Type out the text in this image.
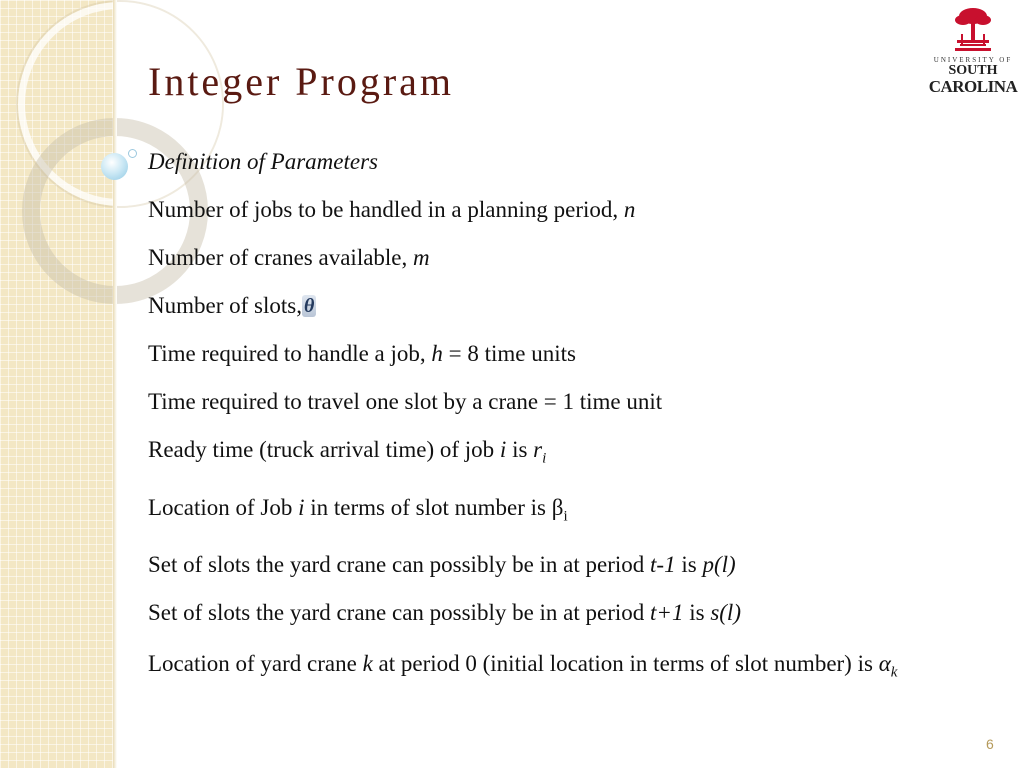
Integer Program	UNIVERSITY OF
SOUTH
CAROLINA

Definition of Parameters

Number of jobs to be handled in a planning period, n

Number of cranes available, m

Number of slots, θ

Time required to handle a job, h = 8 time units

Time required to travel one slot by a crane = 1 time unit

Ready time (truck arrival time) of job i is $r_i$

Location of Job i in terms of slot number is $\beta_i$

Set of slots the yard crane can possibly be in at period t-1 is p(l)

Set of slots the yard crane can possibly be in at period t+1 is s(l)

Location of yard crane k at period 0 (initial location in terms of slot number) is $\alpha_k$

6
